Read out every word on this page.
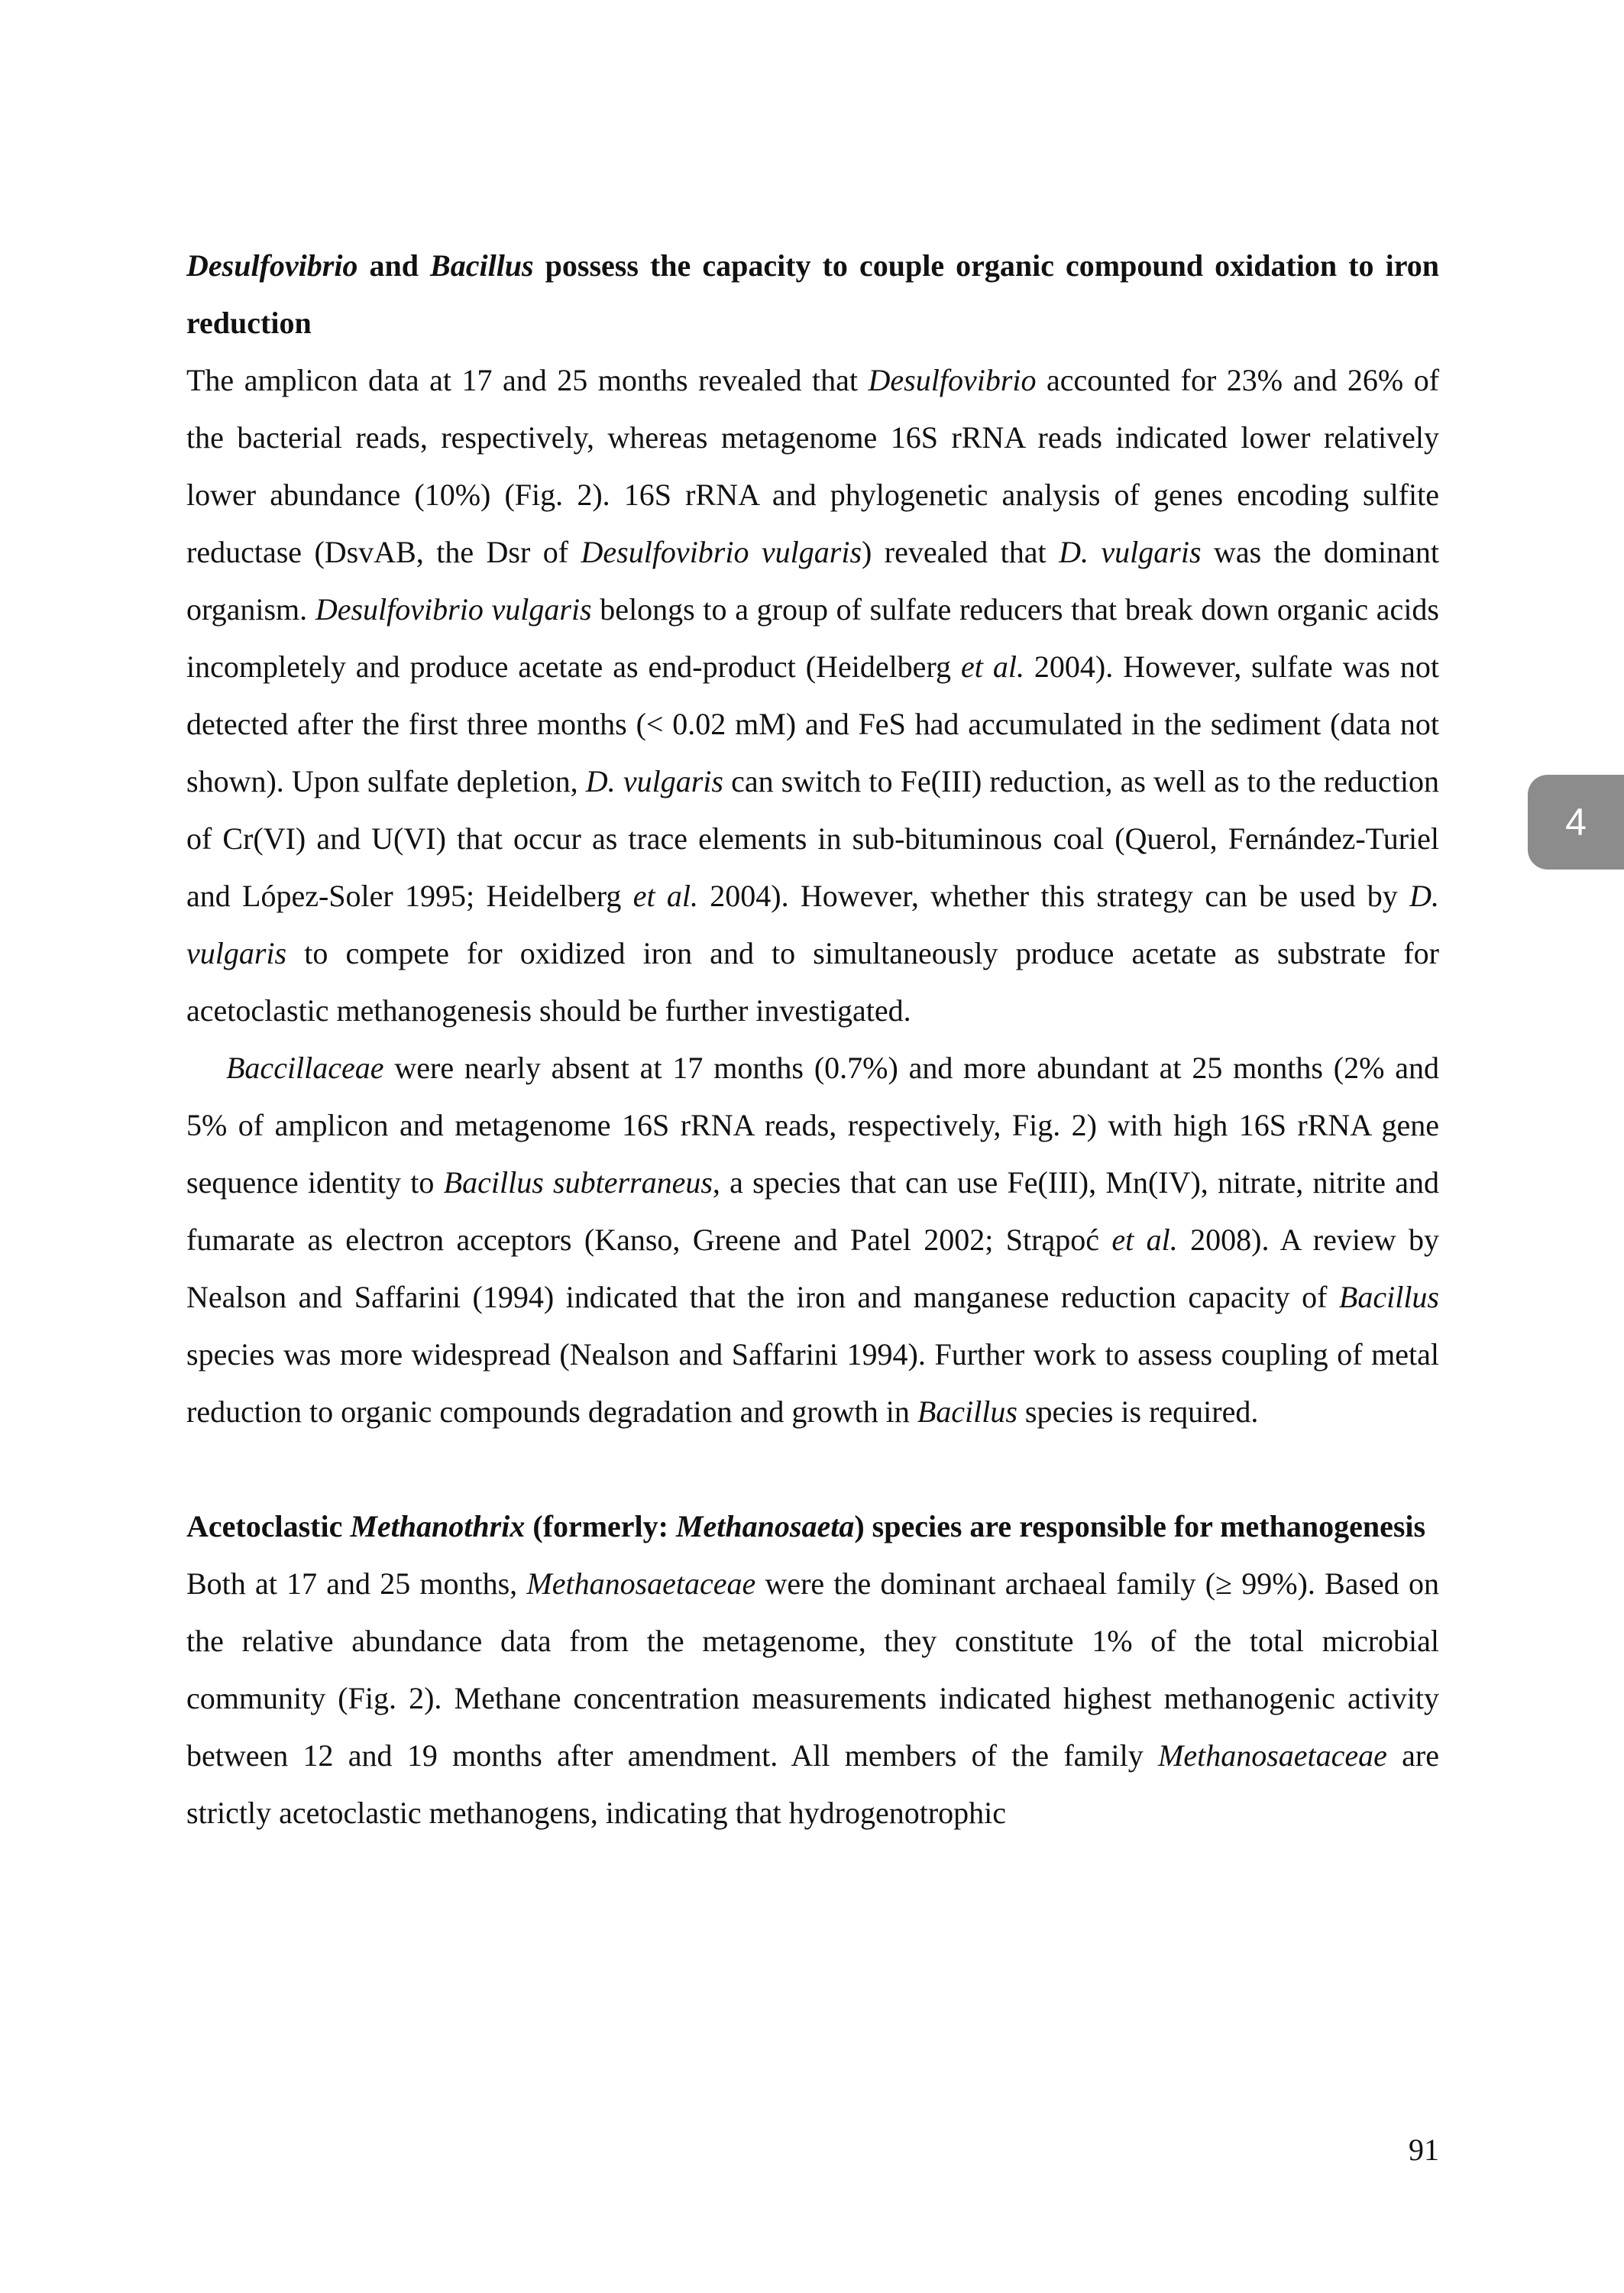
Desulfovibrio and Bacillus possess the capacity to couple organic compound oxidation to iron reduction

The amplicon data at 17 and 25 months revealed that Desulfovibrio accounted for 23% and 26% of the bacterial reads, respectively, whereas metagenome 16S rRNA reads indicated lower relatively lower abundance (10%) (Fig. 2). 16S rRNA and phylogenetic analysis of genes encoding sulfite reductase (DsvAB, the Dsr of Desulfovibrio vulgaris) revealed that D. vulgaris was the dominant organism. Desulfovibrio vulgaris belongs to a group of sulfate reducers that break down organic acids incompletely and produce acetate as end-product (Heidelberg et al. 2004). However, sulfate was not detected after the first three months (< 0.02 mM) and FeS had accumulated in the sediment (data not shown). Upon sulfate depletion, D. vulgaris can switch to Fe(III) reduction, as well as to the reduction of Cr(VI) and U(VI) that occur as trace elements in sub-bituminous coal (Querol, Fernández-Turiel and López-Soler 1995; Heidelberg et al. 2004). However, whether this strategy can be used by D. vulgaris to compete for oxidized iron and to simultaneously produce acetate as substrate for acetoclastic methanogenesis should be further investigated.

Baccillaceae were nearly absent at 17 months (0.7%) and more abundant at 25 months (2% and 5% of amplicon and metagenome 16S rRNA reads, respectively, Fig. 2) with high 16S rRNA gene sequence identity to Bacillus subterraneus, a species that can use Fe(III), Mn(IV), nitrate, nitrite and fumarate as electron acceptors (Kanso, Greene and Patel 2002; Strąpoć et al. 2008). A review by Nealson and Saffarini (1994) indicated that the iron and manganese reduction capacity of Bacillus species was more widespread (Nealson and Saffarini 1994). Further work to assess coupling of metal reduction to organic compounds degradation and growth in Bacillus species is required.

Acetoclastic Methanothrix (formerly: Methanosaeta) species are responsible for methanogenesis

Both at 17 and 25 months, Methanosaetaceae were the dominant archaeal family (≥ 99%). Based on the relative abundance data from the metagenome, they constitute 1% of the total microbial community (Fig. 2). Methane concentration measurements indicated highest methanogenic activity between 12 and 19 months after amendment. All members of the family Methanosaetaceae are strictly acetoclastic methanogens, indicating that hydrogenotrophic

4
91
